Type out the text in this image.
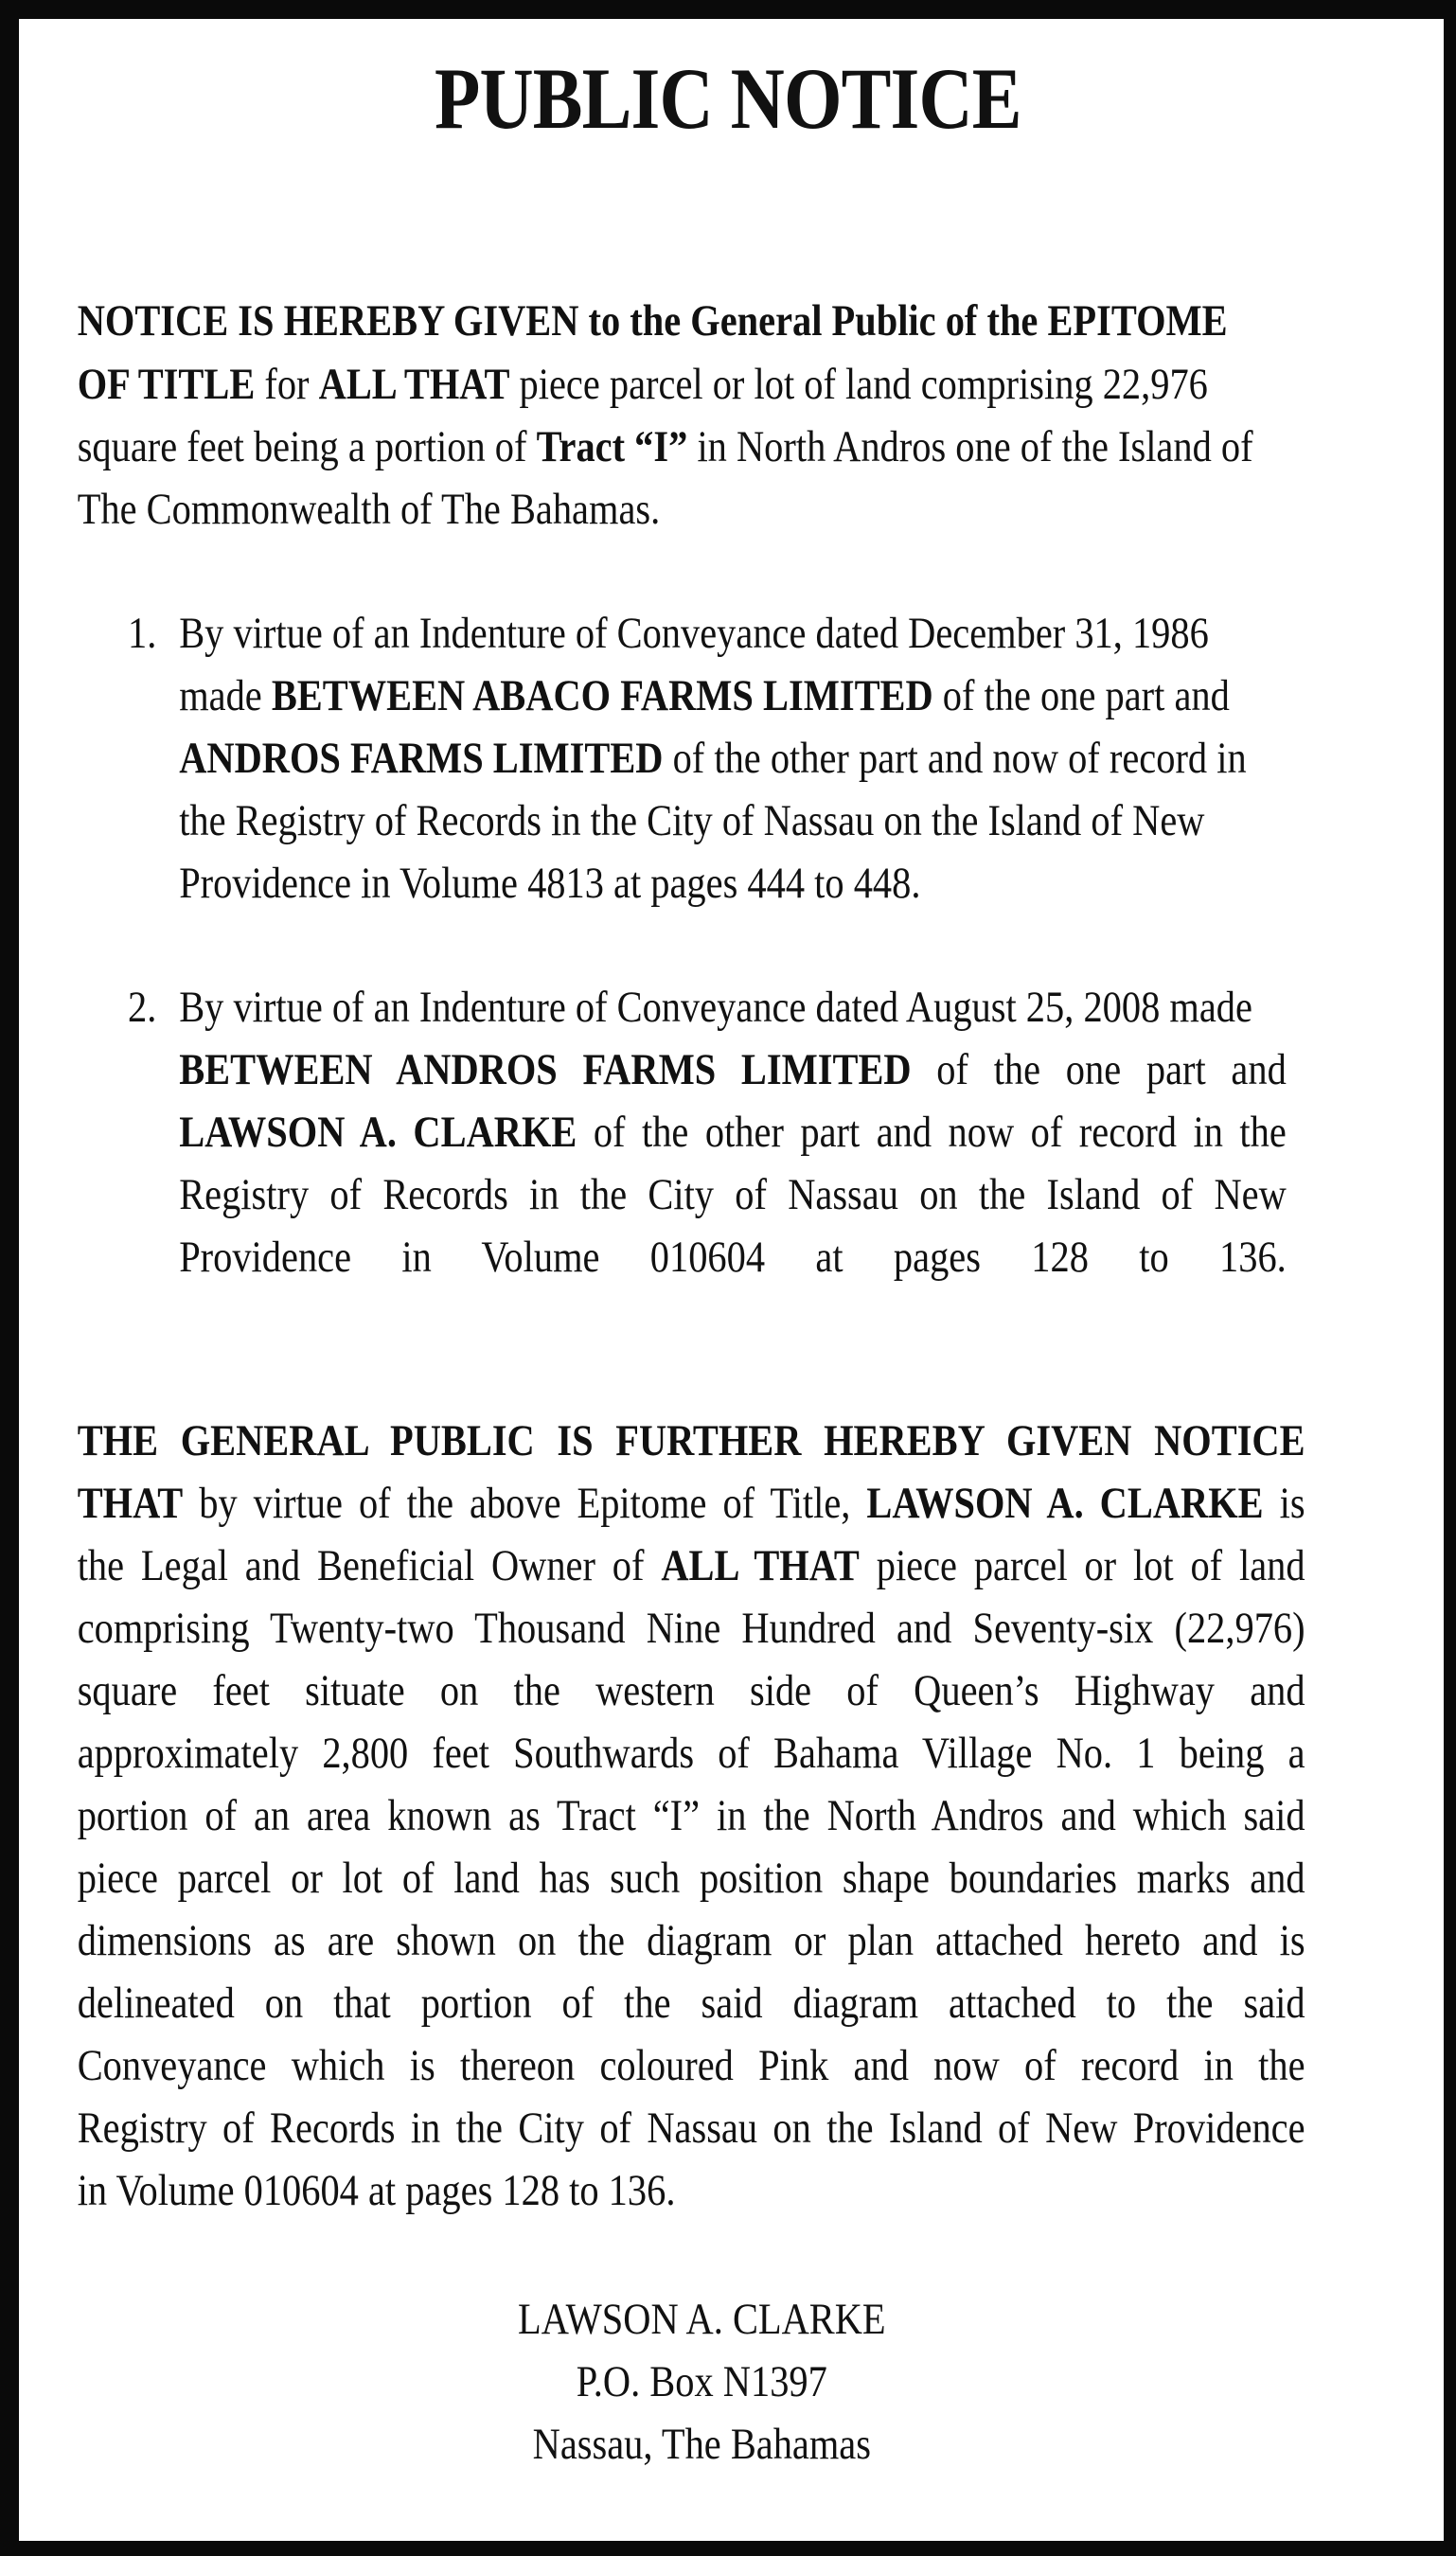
PUBLIC NOTICE
NOTICE IS HEREBY GIVEN to the General Public of the EPITOME
OF TITLE for ALL THAT piece parcel or lot of land comprising 22,976
square feet being a portion of Tract “I” in North Andros one of the Island of
The Commonwealth of The Bahamas.
1. By virtue of an Indenture of Conveyance dated December 31, 1986
made BETWEEN ABACO FARMS LIMITED of the one part and
ANDROS FARMS LIMITED of the other part and now of record in
the Registry of Records in the City of Nassau on the Island of New
Providence in Volume 4813 at pages 444 to 448.
2. By virtue of an Indenture of Conveyance dated August 25, 2008 made
BETWEEN ANDROS FARMS LIMITED of the one part and
LAWSON A. CLARKE of the other part and now of record in the
Registry of Records in the City of Nassau on the Island of New
Providence in Volume 010604 at pages 128 to 136.
THE GENERAL PUBLIC IS FURTHER HEREBY GIVEN NOTICE
THAT by virtue of the above Epitome of Title, LAWSON A. CLARKE is
the Legal and Beneficial Owner of ALL THAT piece parcel or lot of land
comprising Twenty-two Thousand Nine Hundred and Seventy-six (22,976)
square feet situate on the western side of Queen’s Highway and
approximately 2,800 feet Southwards of Bahama Village No. 1 being a
portion of an area known as Tract “I” in the North Andros and which said
piece parcel or lot of land has such position shape boundaries marks and
dimensions as are shown on the diagram or plan attached hereto and is
delineated on that portion of the said diagram attached to the said
Conveyance which is thereon coloured Pink and now of record in the
Registry of Records in the City of Nassau on the Island of New Providence
in Volume 010604 at pages 128 to 136.
LAWSON A. CLARKE
P.O. Box N1397
Nassau, The Bahamas
